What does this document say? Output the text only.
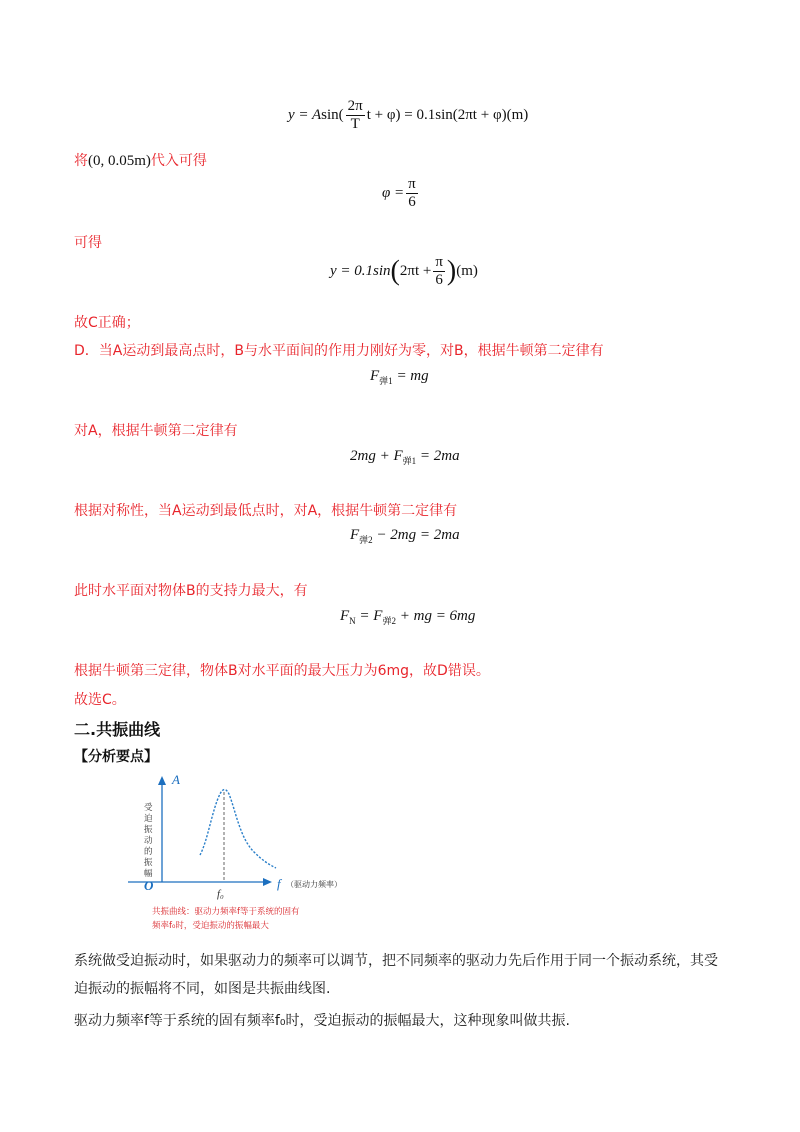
$y = Asin( \frac{2\pi}{T}$ t + φ) = 0.1sin(2πt + φ)(m)
将(0, 0.05m)代入可得
$\varphi = \frac{\pi}{6}$
可得
$y = 0.1\sin(2\pi t + \frac{\pi}{6} )(m)$
故C正确；
D．当A运动到最高点时，B与水平面间的作用力刚好为零，对B，根据牛顿第二定律有
$F_{弹1}$ = mg
对A，根据牛顿第二定律有
$2mg + F_{弹1} = 2ma$
根据对称性，当A运动到最低点时，对A，根据牛顿第二定律有
$F_{弹2} - 2mg = 2ma$
此时水平面对物体B的支持力最大，有
$F_N = F_{弹2}$ + mg = 6mg
根据牛顿第三定律，物体B对水平面的最大压力为6mg，故D错误。
故选C。
二.共振曲线
【分析要点】
A
O
f₀
f （驱动力频率）
受
迫
振
动
的
振
幅
共振曲线：驱动力频率f等于系统的固有
频率f₀时，受迫振动的振幅最大
系统做受迫振动时，如果驱动力的频率可以调节，把不同频率的驱动力先后作用于同一个振动系统，其受
迫振动的振幅将不同，如图是共振曲线图.
驱动力频率f等于系统的固有频率f₀时，受迫振动的振幅最大，这种现象叫做共振.
